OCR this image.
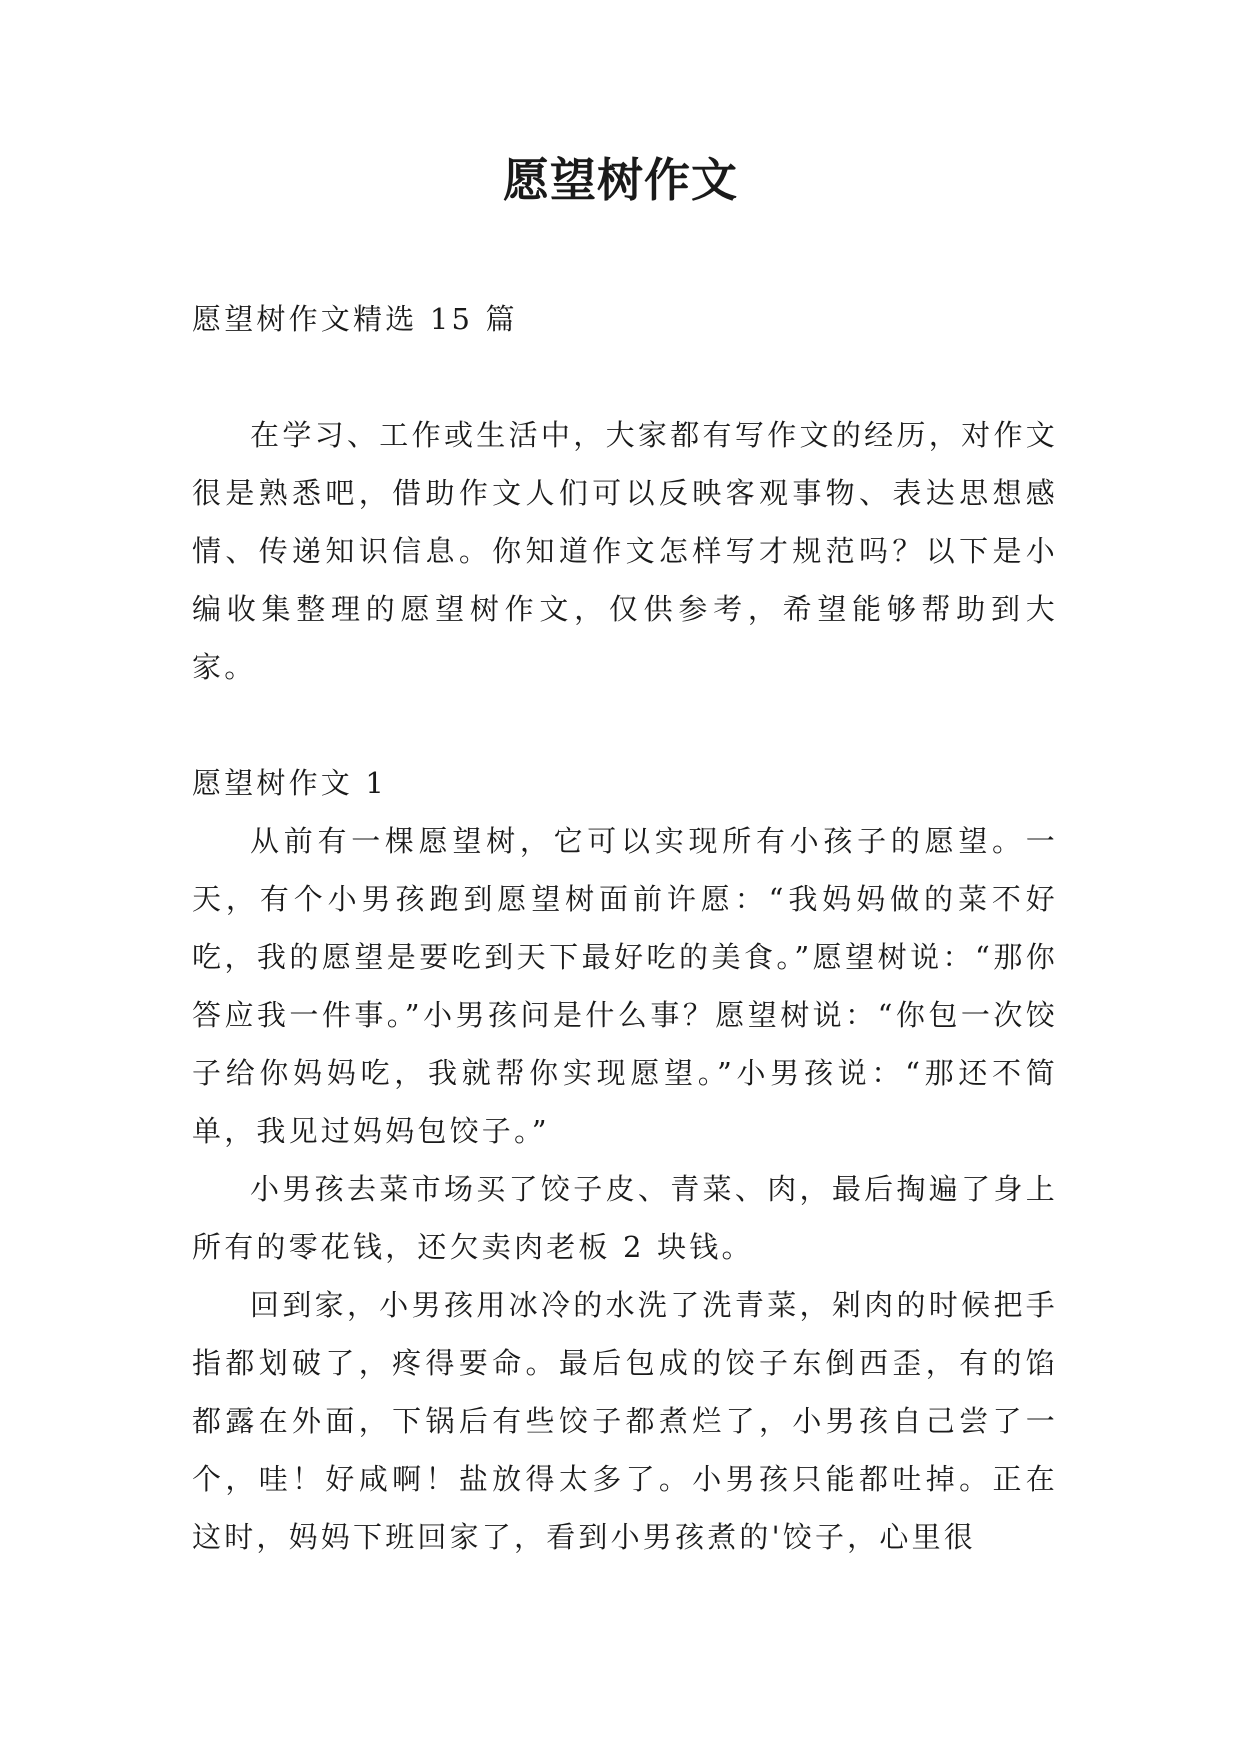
愿望树作文

愿望树作文精选 15 篇

在学习、工作或生活中，大家都有写作文的经历，对作文很是熟悉吧，借助作文人们可以反映客观事物、表达思想感情、传递知识信息。你知道作文怎样写才规范吗？以下是小编收集整理的愿望树作文，仅供参考，希望能够帮助到大家。

愿望树作文 1

从前有一棵愿望树，它可以实现所有小孩子的愿望。一天，有个小男孩跑到愿望树面前许愿：“我妈妈做的菜不好吃，我的愿望是要吃到天下最好吃的美食。”愿望树说：“那你答应我一件事。”小男孩问是什么事？愿望树说：“你包一次饺子给你妈妈吃，我就帮你实现愿望。”小男孩说：“那还不简单，我见过妈妈包饺子。”

小男孩去菜市场买了饺子皮、青菜、肉，最后掏遍了身上所有的零花钱，还欠卖肉老板 2 块钱。

回到家，小男孩用冰冷的水洗了洗青菜，剁肉的时候把手指都划破了，疼得要命。最后包成的饺子东倒西歪，有的馅都露在外面，下锅后有些饺子都煮烂了，小男孩自己尝了一个，哇！好咸啊！盐放得太多了。小男孩只能都吐掉。正在这时，妈妈下班回家了，看到小男孩煮的'饺子，心里很
